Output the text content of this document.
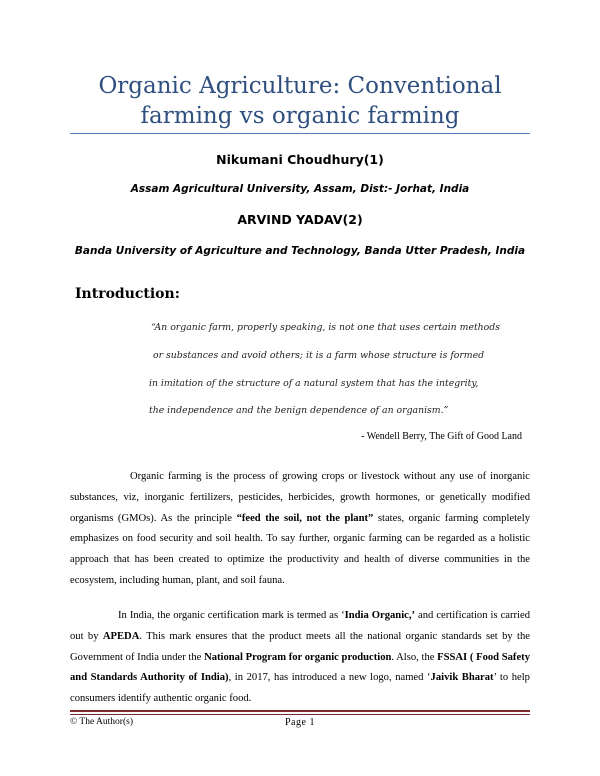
Organic Agriculture: Conventional
farming vs organic farming
Nikumani Choudhury(1)
Assam Agricultural University, Assam, Dist:- Jorhat, India
ARVIND YADAV(2)
Banda University of Agriculture and Technology, Banda Utter Pradesh, India
Introduction:
“An organic farm, properly speaking, is not one that uses certain methods
or substances and avoid others; it is a farm whose structure is formed
in imitation of the structure of a natural system that has the integrity,
the independence and the benign dependence of an organism.”
- Wendell Berry, The Gift of Good Land

Organic farming is the process of growing crops or livestock without any use of inorganic substances, viz, inorganic fertilizers, pesticides, herbicides, growth hormones, or genetically modified organisms (GMOs). As the principle “feed the soil, not the plant” states, organic farming completely emphasizes on food security and soil health. To say further, organic farming can be regarded as a holistic approach that has been created to optimize the productivity and health of diverse communities in the ecosystem, including human, plant, and soil fauna.

In India, the organic certification mark is termed as ‘India Organic,’ and certification is carried out by APEDA. This mark ensures that the product meets all the national organic standards set by the Government of India under the National Program for organic production. Also, the FSSAI ( Food Safety and Standards Authority of India), in 2017, has introduced a new logo, named ‘Jaivik Bharat’ to help consumers identify authentic organic food.

© The Author(s)	Page 1
